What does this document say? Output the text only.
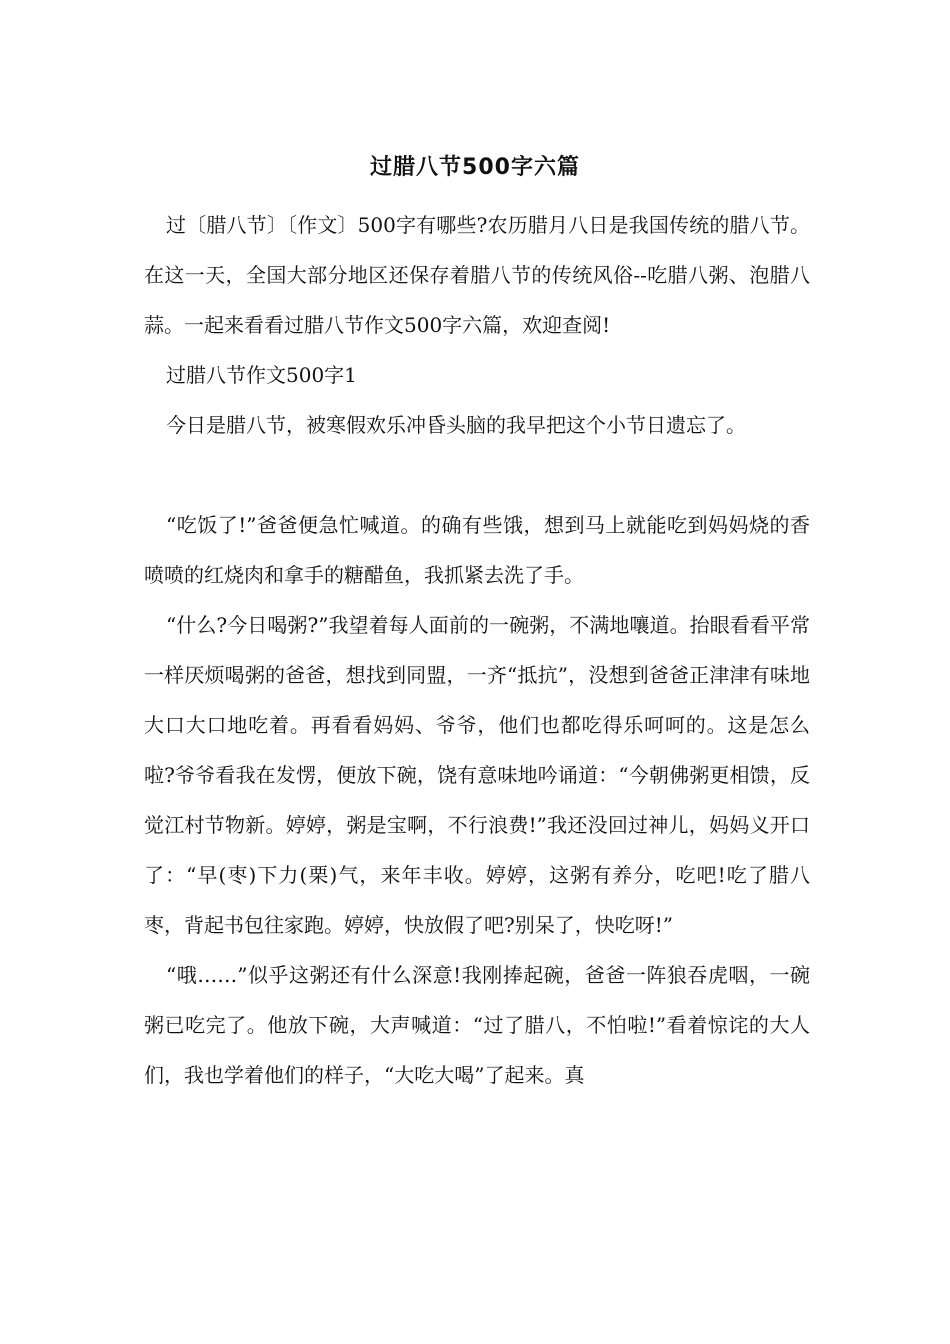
过腊八节500字六篇

过〔腊八节〕〔作文〕500字有哪些?农历腊月八日是我国传统的腊八节。在这一天，全国大部分地区还保存着腊八节的传统风俗--吃腊八粥、泡腊八蒜。一起来看看过腊八节作文500字六篇，欢迎查阅!

过腊八节作文500字1

今日是腊八节，被寒假欢乐冲昏头脑的我早把这个小节日遗忘了。

“吃饭了!”爸爸便急忙喊道。的确有些饿，想到马上就能吃到妈妈烧的香喷喷的红烧肉和拿手的糖醋鱼，我抓紧去洗了手。

“什么?今日喝粥?”我望着每人面前的一碗粥，不满地嚷道。抬眼看看平常一样厌烦喝粥的爸爸，想找到同盟，一齐“抵抗”，没想到爸爸正津津有味地大口大口地吃着。再看看妈妈、爷爷，他们也都吃得乐呵呵的。这是怎么啦?爷爷看我在发愣，便放下碗，饶有意味地吟诵道：“今朝佛粥更相馈，反觉江村节物新。婷婷，粥是宝啊，不行浪费!”我还没回过神儿，妈妈义开口了：“早(枣)下力(栗)气，来年丰收。婷婷，这粥有养分，吃吧!吃了腊八枣，背起书包往家跑。婷婷，快放假了吧?别呆了，快吃呀!”

“哦……”似乎这粥还有什么深意!我刚捧起碗，爸爸一阵狼吞虎咽，一碗粥已吃完了。他放下碗，大声喊道：“过了腊八，不怕啦!”看着惊诧的大人们，我也学着他们的样子，“大吃大喝”了起来。真
